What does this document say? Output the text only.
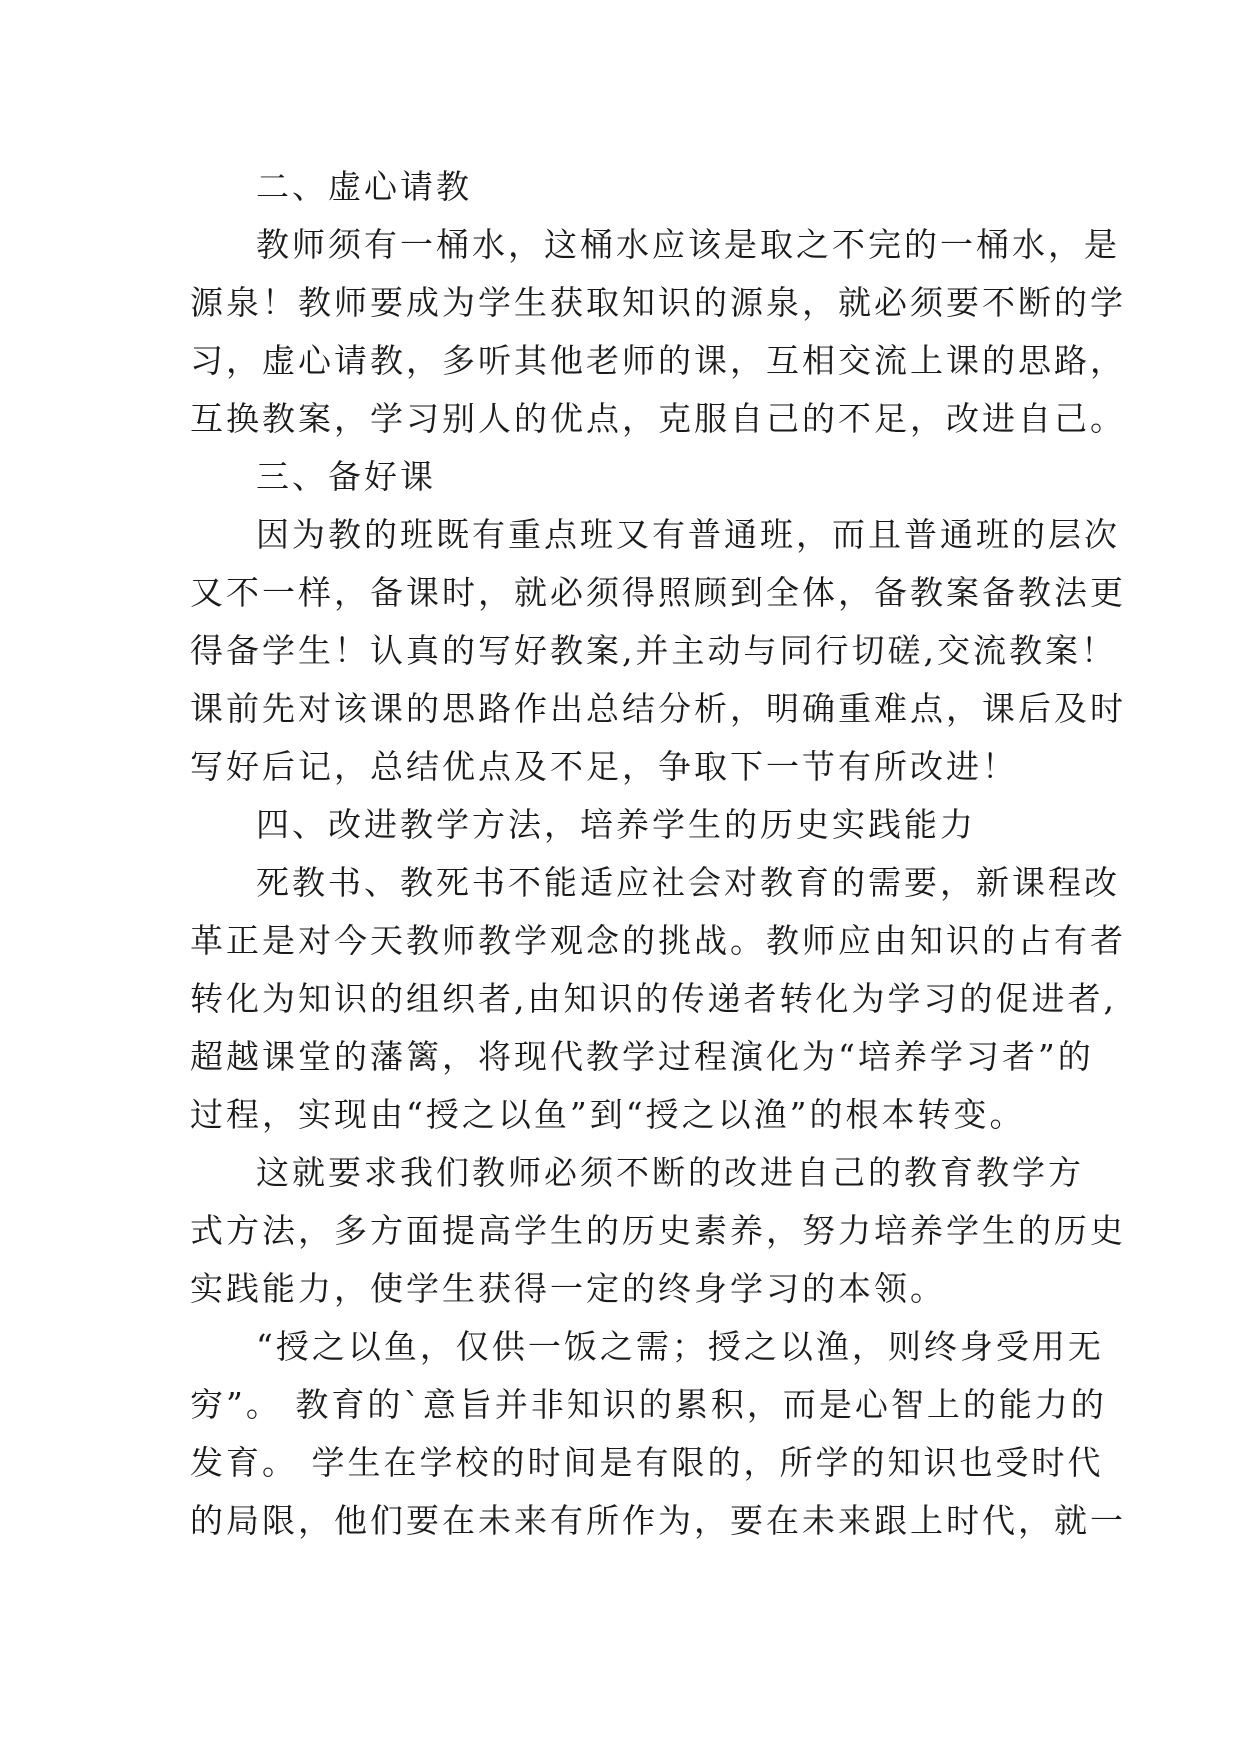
二、虚心请教
教师须有一桶水，这桶水应该是取之不完的一桶水，是
源泉！教师要成为学生获取知识的源泉，就必须要不断的学
习，虚心请教，多听其他老师的课，互相交流上课的思路，
互换教案，学习别人的优点，克服自己的不足，改进自己。
三、备好课
因为教的班既有重点班又有普通班，而且普通班的层次
又不一样，备课时，就必须得照顾到全体，备教案备教法更
得备学生！认真的写好教案,并主动与同行切磋,交流教案！
课前先对该课的思路作出总结分析，明确重难点，课后及时
写好后记，总结优点及不足，争取下一节有所改进！
四、改进教学方法，培养学生的历史实践能力
死教书、教死书不能适应社会对教育的需要，新课程改
革正是对今天教师教学观念的挑战。教师应由知识的占有者
转化为知识的组织者,由知识的传递者转化为学习的促进者,
超越课堂的藩篱，将现代教学过程演化为“培养学习者”的
过程，实现由“授之以鱼”到“授之以渔”的根本转变。
这就要求我们教师必须不断的改进自己的教育教学方
式方法，多方面提高学生的历史素养，努力培养学生的历史
实践能力，使学生获得一定的终身学习的本领。
“授之以鱼，仅供一饭之需；授之以渔，则终身受用无
穷”。 教育的`意旨并非知识的累积，而是心智上的能力的
发育。 学生在学校的时间是有限的，所学的知识也受时代
的局限，他们要在未来有所作为，要在未来跟上时代，就一
